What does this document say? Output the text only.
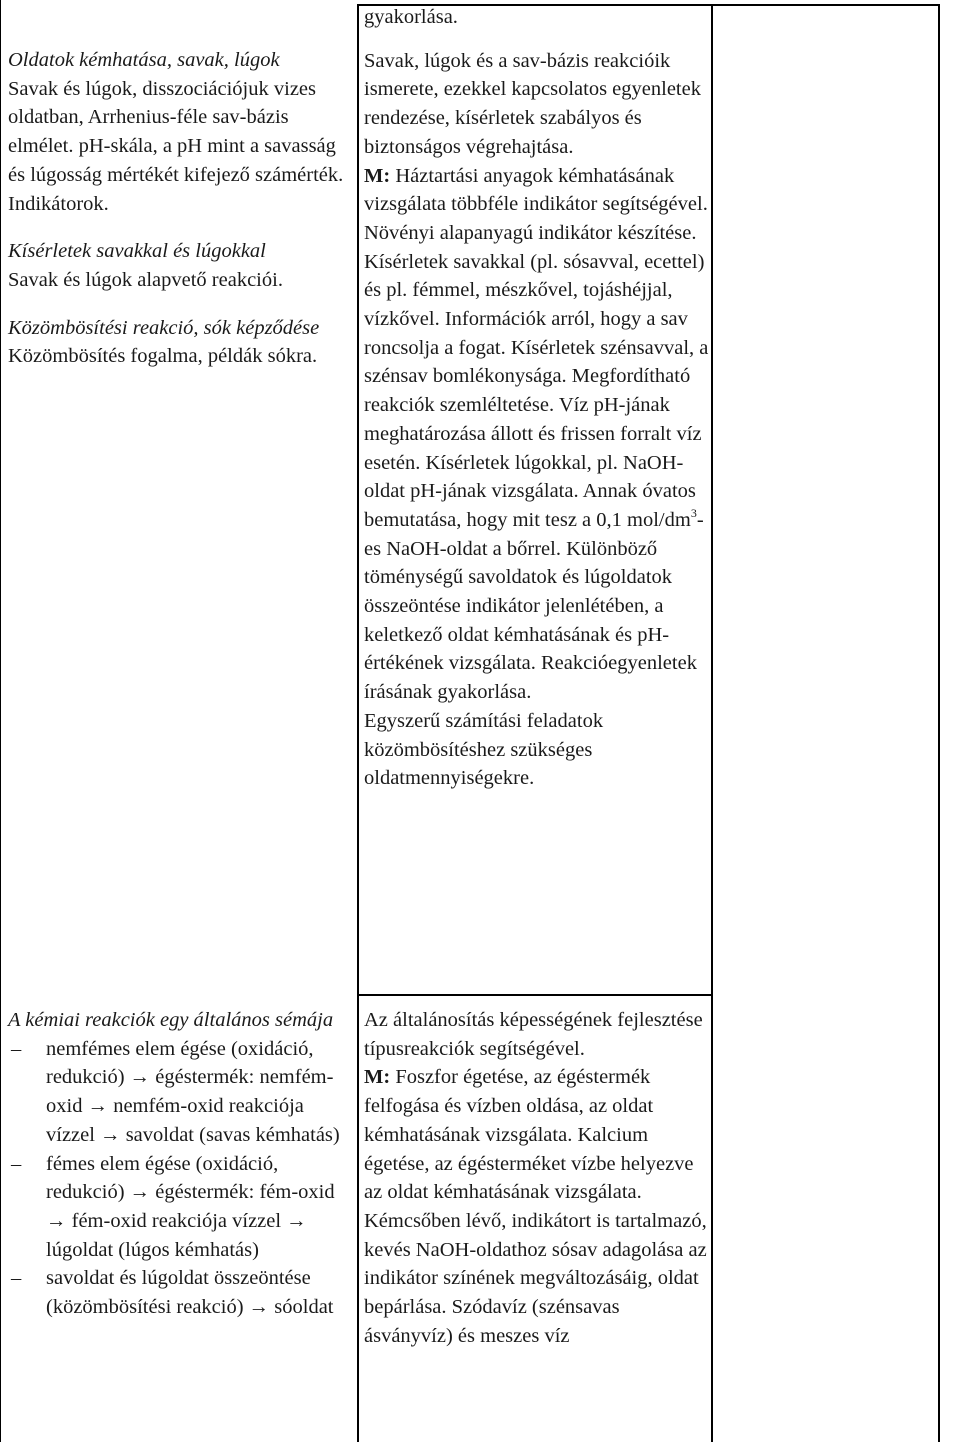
Oldatok kémhatása, savak, lúgok

Savak és lúgok, disszociációjuk vizes oldatban, Arrhenius-féle sav-bázis elmélet. pH-skála, a pH mint a savasság és lúgosság mértékét kifejező számérték. Indikátorok.

Kísérletek savakkal és lúgokkal

Savak és lúgok alapvető reakciói.

Közömbösítési reakció, sók képződése

Közömbösítés fogalma, példák sókra.

A kémiai reakciók egy általános sémája

– nemfémes elem égése (oxidáció, redukció) → égéstermék: nemfém-oxid → nemfém-oxid reakciója vízzel → savoldat (savas kémhatás)
– fémes elem égése (oxidáció, redukció) → égéstermék: fém-oxid → fém-oxid reakciója vízzel → lúgoldat (lúgos kémhatás)
– savoldat és lúgoldat összeöntése (közömbösítési reakció) → sóoldat

gyakorlása.

Savak, lúgok és a sav-bázis reakcióik ismerete, ezekkel kapcsolatos egyenletek rendezése, kísérletek szabályos és biztonságos végrehajtása.

M: Háztartási anyagok kémhatásának vizsgálata többféle indikátor segítségével. Növényi alapanyagú indikátor készítése. Kísérletek savakkal (pl. sósavval, ecettel) és pl. fémmel, mészkővel, tojáshéjjal, vízkővel. Információk arról, hogy a sav roncsolja a fogat. Kísérletek szénsavval, a szénsav bomlékonysága. Megfordítható reakciók szemléltetése. Víz pH-jának meghatározása állott és frissen forralt víz esetén. Kísérletek lúgokkal, pl. NaOH-oldat pH-jának vizsgálata. Annak óvatos bemutatása, hogy mit tesz a 0,1 mol/$dm^3-es$ NaOH-oldat a bőrrel. Különböző töménységű savoldatok és lúgoldatok összeöntése indikátor jelenlétében, a keletkező oldat kémhatásának és pH-értékének vizsgálata. Reakcióegyenletek írásának gyakorlása.

Egyszerű számítási feladatok közömbösítéshez szükséges oldatmennyiségekre.

Az általánosítás képességének fejlesztése típusreakciók segítségével.

M: Foszfor égetése, az égéstermék felfogása és vízben oldása, az oldat kémhatásának vizsgálata. Kalcium égetése, az égésterméket vízbe helyezve az oldat kémhatásának vizsgálata. Kémcsőben lévő, indikátort is tartalmazó, kevés NaOH-oldathoz sósav adagolása az indikátor színének megváltozásáig, oldat bepárlása. Szódavíz (szénsavas ásványvíz) és meszes víz
